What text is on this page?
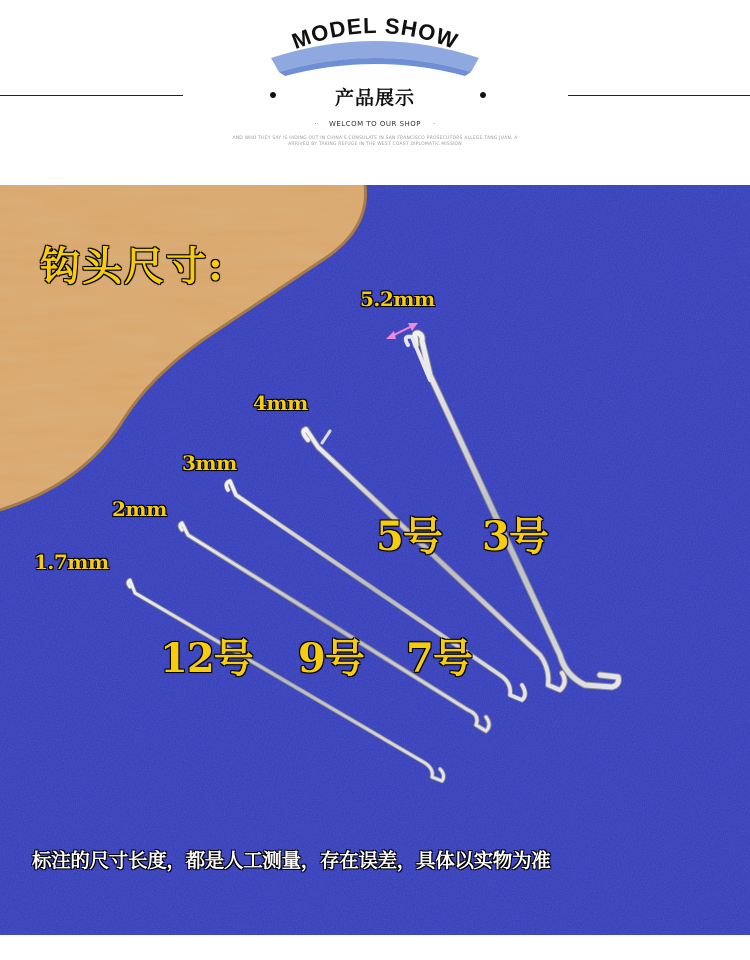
MODEL SHOW
产品展示
· WELCOM TO OUR SHOP ·
AND WHO THEY SAY IS HIDING OUT IN CHINA'S CONSULATE IN SAN FRANCISCO PROSECUTORS ALLEGE TANG JUAN, A
ARRIVED BY TAKING REFUGE IN THE WEST COAST DIPLOMATIC MISSION
钩头尺寸:
5.2mm
4mm
3mm
2mm
1.7mm
5号 3号
12号 9号 7号
标注的尺寸长度，都是人工测量，存在误差，具体以实物为准
